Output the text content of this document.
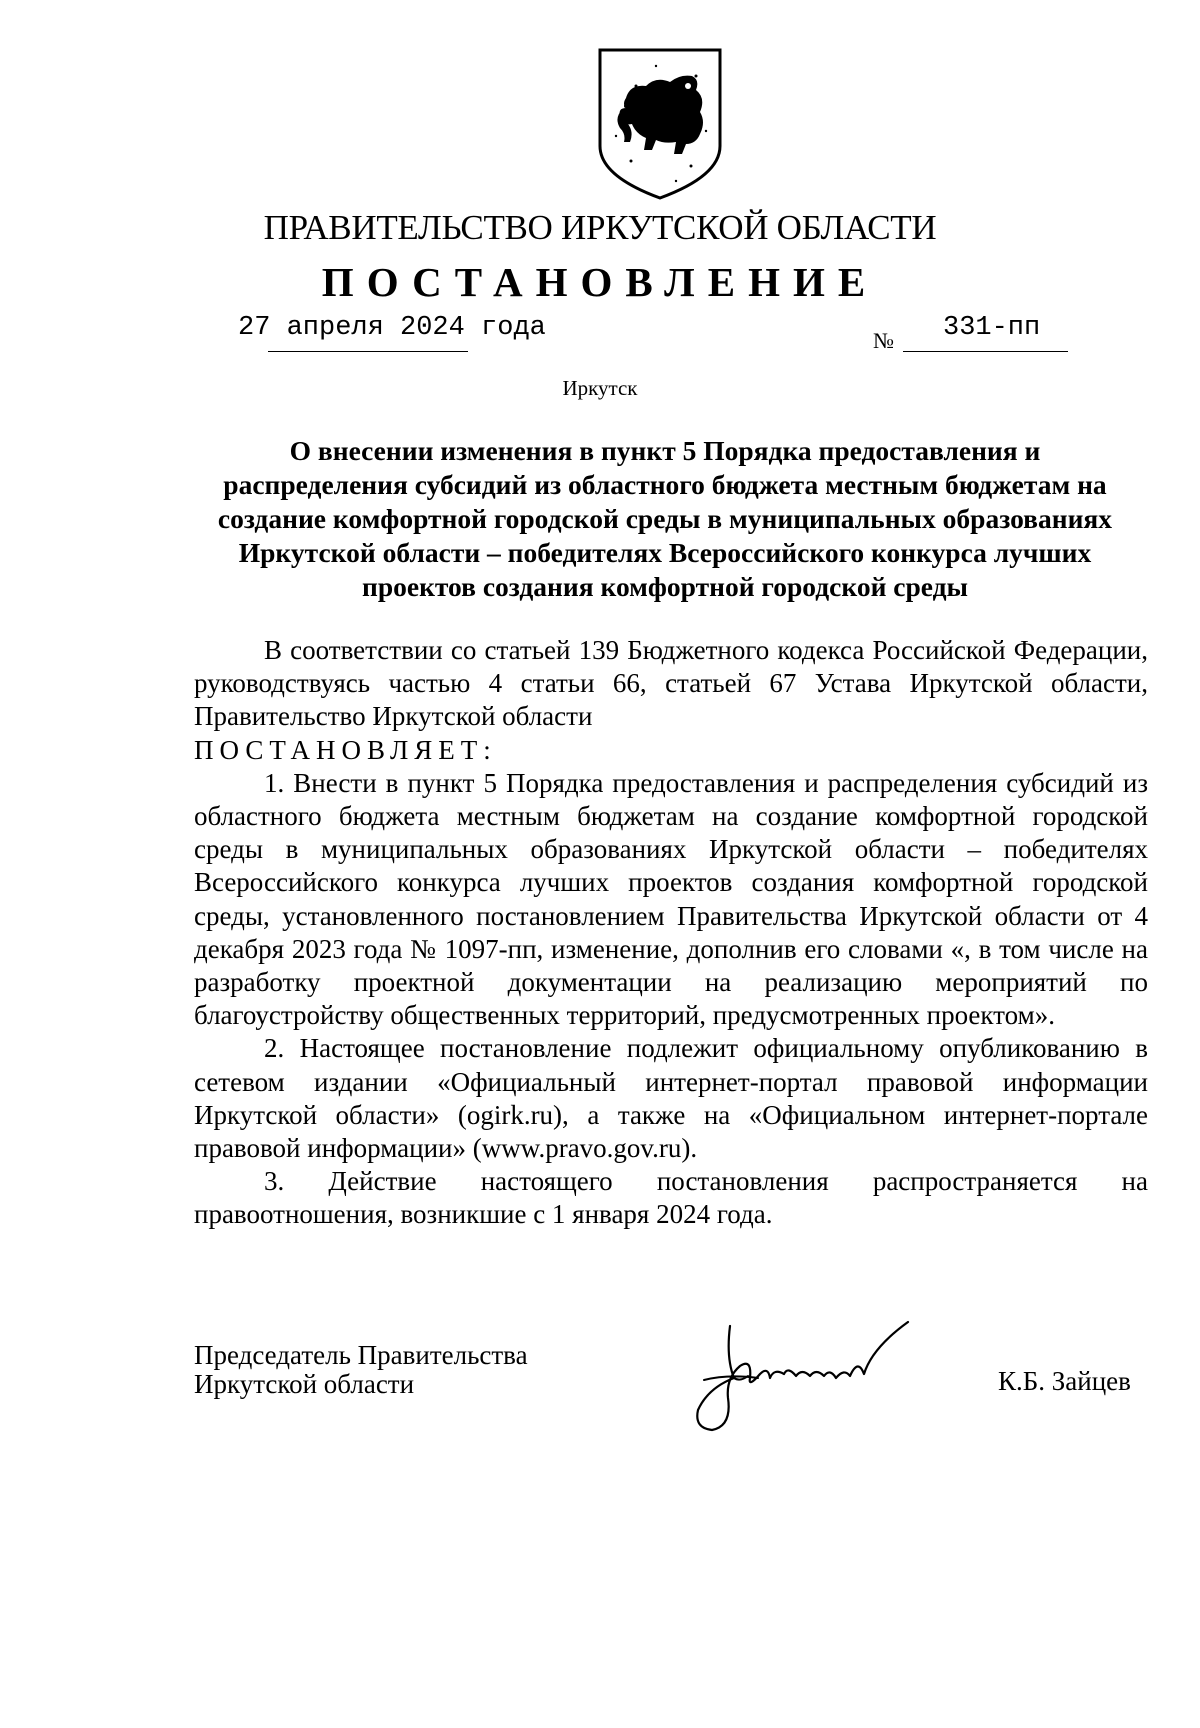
ПРАВИТЕЛЬСТВО ИРКУТСКОЙ ОБЛАСТИ
ПОСТАНОВЛЕНИЕ
27 апреля 2024 года	№ 331-пп
Иркутск
О внесении изменения в пункт 5 Порядка предоставления и
распределения субсидий из областного бюджета местным бюджетам на
создание комфортной городской среды в муниципальных образованиях
Иркутской области – победителях Всероссийского конкурса лучших
проектов создания комфортной городской среды

В соответствии со статьей 139 Бюджетного кодекса Российской Федерации, руководствуясь частью 4 статьи 66, статьей 67 Устава Иркутской области, Правительство Иркутской области

ПОСТАНОВЛЯЕТ:

1. Внести в пункт 5 Порядка предоставления и распределения субсидий из областного бюджета местным бюджетам на создание комфортной городской среды в муниципальных образованиях Иркутской области – победителях Всероссийского конкурса лучших проектов создания комфортной городской среды, установленного постановлением Правительства Иркутской области от 4 декабря 2023 года № 1097-пп, изменение, дополнив его словами «, в том числе на разработку проектной документации на реализацию мероприятий по благоустройству общественных территорий, предусмотренных проектом».

2. Настоящее постановление подлежит официальному опубликованию в сетевом издании «Официальный интернет-портал правовой информации Иркутской области» (ogirk.ru), а также на «Официальном интернет-портале правовой информации» (www.pravo.gov.ru).

3. Действие настоящего постановления распространяется на правоотношения, возникшие с 1 января 2024 года.

Председатель Правительства
Иркутской области	К.Б. Зайцев
